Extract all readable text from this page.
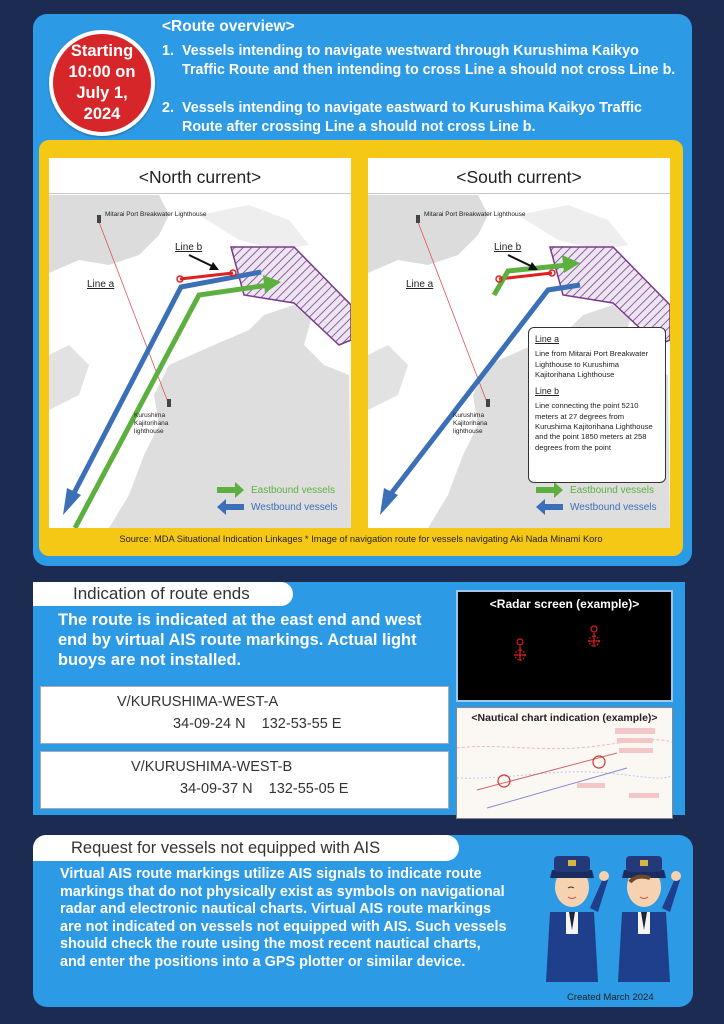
Starting
10:00 on
July 1,
2024
<Route overview>
1. Vessels intending to navigate westward through Kurushima Kaikyo Traffic Route and then intending to cross Line a should not cross Line b.
2. Vessels intending to navigate eastward to Kurushima Kaikyo Traffic Route after crossing Line a should not cross Line b.
<North current>
Mitarai Port Breakwater Lighthouse
Line b
Line a
Kurushima
Kajitorihana
lighthouse
Eastbound vessels
Westbound vessels
<South current>
Mitarai Port Breakwater Lighthouse
Line b
Line a
Kurushima
Kajitorihana
lighthouse
Eastbound vessels
Westbound vessels
Line a

Line from Mitarai Port Breakwater Lighthouse to Kurushima Kajitorihana Lighthouse

Line b

Line connecting the point 5210 meters at 27 degrees from Kurushima Kajitorihana Lighthouse and the point 1850 meters at 258 degrees from the point

Source: MDA Situational Indication Linkages * Image of navigation route for vessels navigating Aki Nada Minami Koro
Indication of route ends
The route is indicated at the east end and west end by virtual AIS route markings. Actual light buoys are not installed.
V/KURUSHIMA-WEST-A
34-09-24 N 132-53-55 E
V/KURUSHIMA-WEST-B
34-09-37 N 132-55-05 E
<Radar screen (example)>
<Nautical chart indication (example)>
Request for vessels not equipped with AIS
Virtual AIS route markings utilize AIS signals to indicate route markings that do not physically exist as symbols on navigational radar and electronic nautical charts. Virtual AIS route markings are not indicated on vessels not equipped with AIS. Such vessels should check the route using the most recent nautical charts, and enter the positions into a GPS plotter or similar device.
Created March 2024
